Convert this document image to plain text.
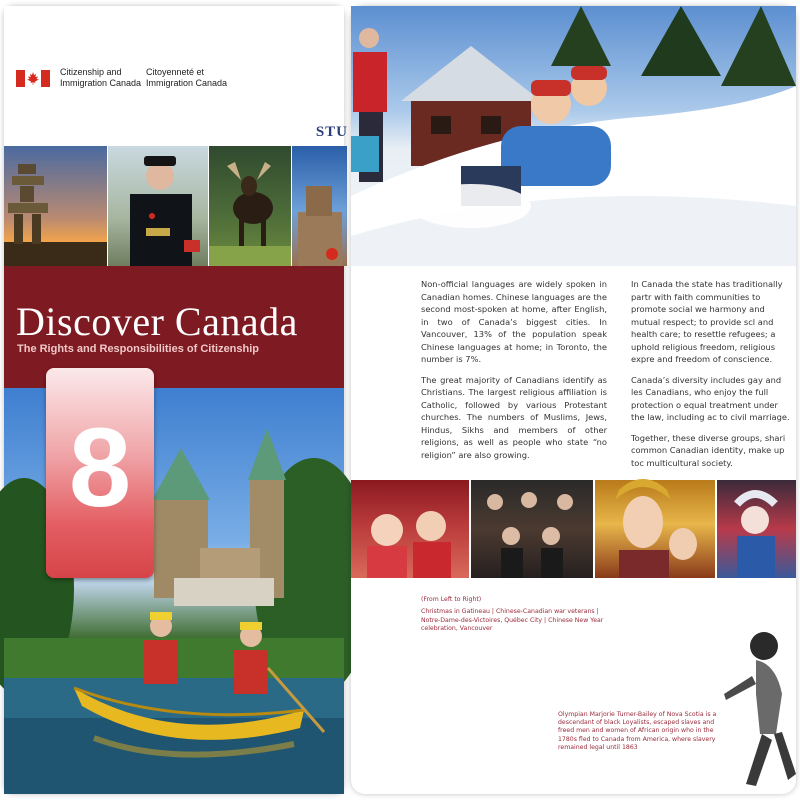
Citizenship and
Immigration Canada
Citoyenneté et
Immigration Canada
STU
Discover Canada
The Rights and Responsibilities of Citizenship
8

Non-official languages are widely spoken in Canadian homes. Chinese languages are the second most-spoken at home, after English, in two of Canada’s biggest cities. In Vancouver, 13% of the population speak Chinese languages at home; in Toronto, the number is 7%.

The great majority of Canadians identify as Christians. The largest religious affiliation is Catholic, followed by various Protestant churches. The numbers of Muslims, Jews, Hindus, Sikhs and members of other religions, as well as people who state “no religion” are also growing.

In Canada the state has traditionally partr with faith communities to promote social we harmony and mutual respect; to provide scl and health care; to resettle refugees; a uphold religious freedom, religious expre and freedom of conscience.

Canada’s diversity includes gay and les Canadians, who enjoy the full protection o equal treatment under the law, including ac to civil marriage.

Together, these diverse groups, shari common Canadian identity, make up toc multicultural society.

(From Left to Right)
Christmas in Gatineau | Chinese-Canadian war veterans | Notre-Dame-des-Victoires, Québec City | Chinese New Year celebration, Vancouver
Olympian Marjorie Turner-Bailey of Nova Scotia is a descendant of black Loyalists, escaped slaves and freed men and women of African origin who in the 1780s fled to Canada from America, where slavery remained legal until 1863
